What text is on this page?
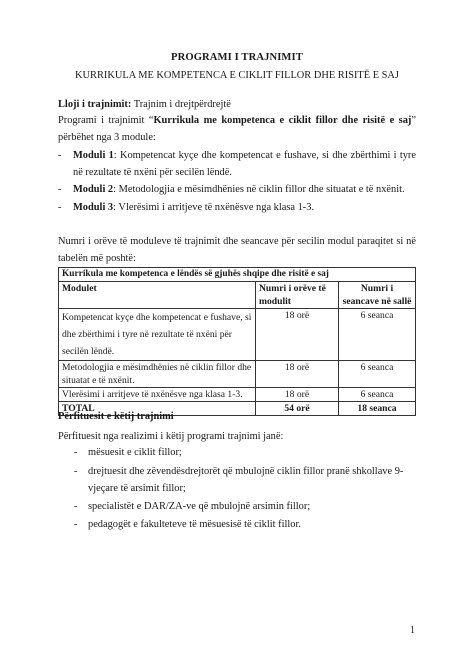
PROGRAMI I TRAJNIMIT
KURRIKULA ME KOMPETENCA E CIKLIT FILLOR DHE RISITË E SAJ
Lloji i trajnimit: Trajnim i drejtpërdrejtë
Programi i trajnimit “Kurrikula me kompetenca e ciklit fillor dhe risitë e saj” përbëhet nga 3 module:
- Moduli 1: Kompetencat kyçe dhe kompetencat e fushave, si dhe zbërthimi i tyre në rezultate të nxëni për secilën lëndë.
- Moduli 2: Metodologjia e mësimdhënies në ciklin fillor dhe situatat e të nxënit.
- Moduli 3: Vlerësimi i arritjeve të nxënësve nga klasa 1-3.
Numri i orëve të moduleve të trajnimit dhe seancave për secilin modul paraqitet si në tabelën më poshtë:
Kurrikula me kompetenca e lëndës së gjuhës shqipe dhe risitë e saj		
Modulet	Numri i orëve të modulit	Numri i seancave në sallë
Kompetencat kyçe dhe kompetencat e fushave, si dhe zbërthimi i tyre në rezultate të nxëni për secilën lëndë.	18 orë	6 seanca
Metodologjia e mësimdhënies në ciklin fillor dhe situatat e të nxënit.	18 orë	6 seanca
Vlerësimi i arritjeve të nxënësve nga klasa 1-3.	18 orë	6 seanca
TOTAL	54 orë	18 seanca
Përfituesit e këtij trajnimi
Përfituesit nga realizimi i këtij programi trajnimi janë:
- mësuesit e ciklit fillor;
- drejtuesit dhe zëvendësdrejtorët që mbulojnë ciklin fillor pranë shkollave 9-vjeçare të arsimit fillor;
- specialistët e DAR/ZA-ve që mbulojnë arsimin fillor;
- pedagogët e fakulteteve të mësuesisë të ciklit fillor.
1
